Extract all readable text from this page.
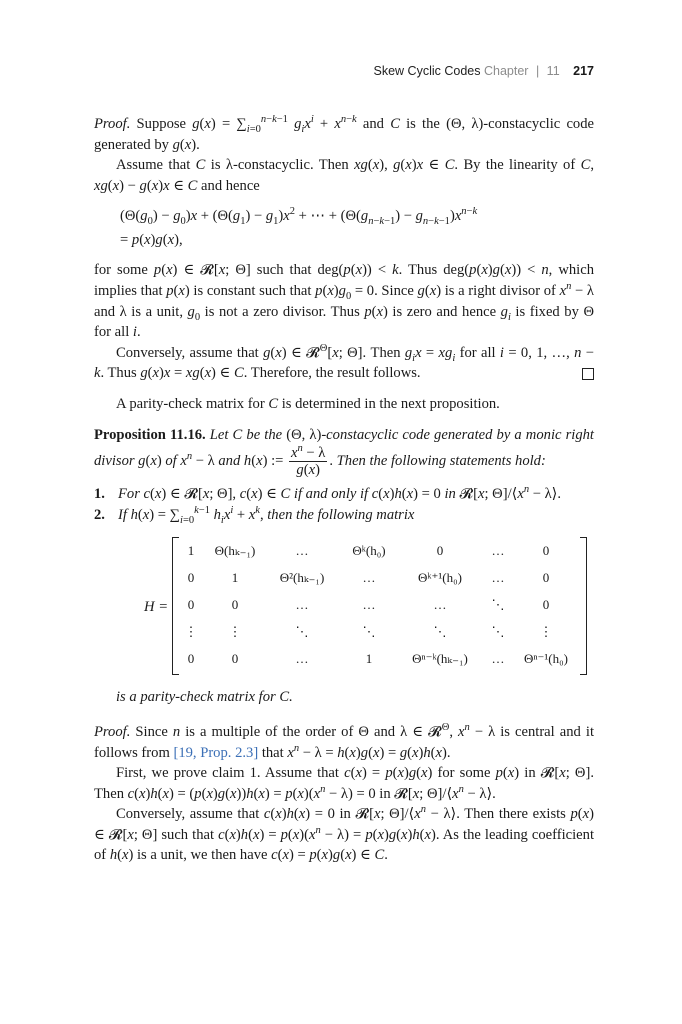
Skew Cyclic Codes Chapter | 11 217

Proof. Suppose $g(x) = \sum_{i=0}^{n-k-1}$ $g_ix^i + x^{n-k}$ and C is the (Θ, λ)-constacyclic code generated by g(x).

Assume that C is λ-constacyclic. Then xg(x), g(x)x ∈ C. By the linearity of C, xg(x) − g(x)x ∈ C and hence

$(\Theta(g_0) - g_0)x + (\Theta(g_1) - g_1)x^2$ + ⋯ + $(\Theta(g_{n-k-1}) - g_{n-k-1})x^{n-k}$
= p(x)g(x),

for some p(x) ∈ 𝓡[x; Θ] such that deg(p(x)) < k. Thus deg(p(x)g(x)) < n, which implies that p(x) is constant such that $p(x)g_0 = 0$. Since g(x) is a right divisor of $x^n - \lambda$ and λ is a unit, $g_0$ is not a zero divisor. Thus p(x) is zero and hence $g_i$ is fixed by Θ for all i.

Conversely, assume that g(x) ∈ 𝓡$^\Theta$[x; Θ]. Then $g_ix = xg_i$ for all i = 0, 1, …, n − k. Thus g(x)x = xg(x) ∈ C. Therefore, the result follows.

A parity-check matrix for C is determined in the next proposition.

Proposition 11.16. Let C be the (Θ, λ)-constacyclic code generated by a monic right divisor g(x) of $x^n - \lambda$ and h(x) := $\frac{x^n - \lambda}{g(x)}$ . Then the following statements hold:

1. For c(x) ∈ 𝓡[x; Θ], c(x) ∈ C if and only if c(x)h(x) = 0 in 𝓡[x; $\Theta]/⟨x^n$ − λ⟩.

2. If $h(x) = \sum_{i=0}^{k-1}$ $h_ix^i + x^k$, then the following matrix

H =
1	Θ(hₖ₋₁)	…	Θᵏ(h₀)	0	…	0
0	1	Θ²(hₖ₋₁)	…	Θᵏ⁺¹(h₀)	…	0
0	0	…	…	…	⋱	0
⋮	⋮	⋱	⋱	⋱	⋱	⋮
0	0	…	1	Θⁿ⁻ᵏ(hₖ₋₁)	…	Θⁿ⁻¹(h₀)

is a parity-check matrix for C.

Proof. Since n is a multiple of the order of Θ and λ ∈ 𝓡$^\Theta$, $x^n - \lambda$ is central and it follows from [19, Prop. 2.3] that $x^n - \lambda = h(x)g(x) = g(x)h(x)$.

First, we prove claim 1. Assume that c(x) = p(x)g(x) for some p(x) in 𝓡[x; Θ]. Then $c(x)h(x) = (p(x)g(x))h(x) = p(x)(x^n - \lambda) = 0$ in 𝓡[x; $\Theta]/⟨x^n$ − λ⟩.

Conversely, assume that c(x)h(x) = 0 in 𝓡[x; $\Theta]/⟨x^n$ − λ⟩. Then there exists p(x) ∈ 𝓡[x; Θ] such that $c(x)h(x) = p(x)(x^n - \lambda) = p(x)g(x)h(x)$. As the leading coefficient of h(x) is a unit, we then have c(x) = p(x)g(x) ∈ C.
